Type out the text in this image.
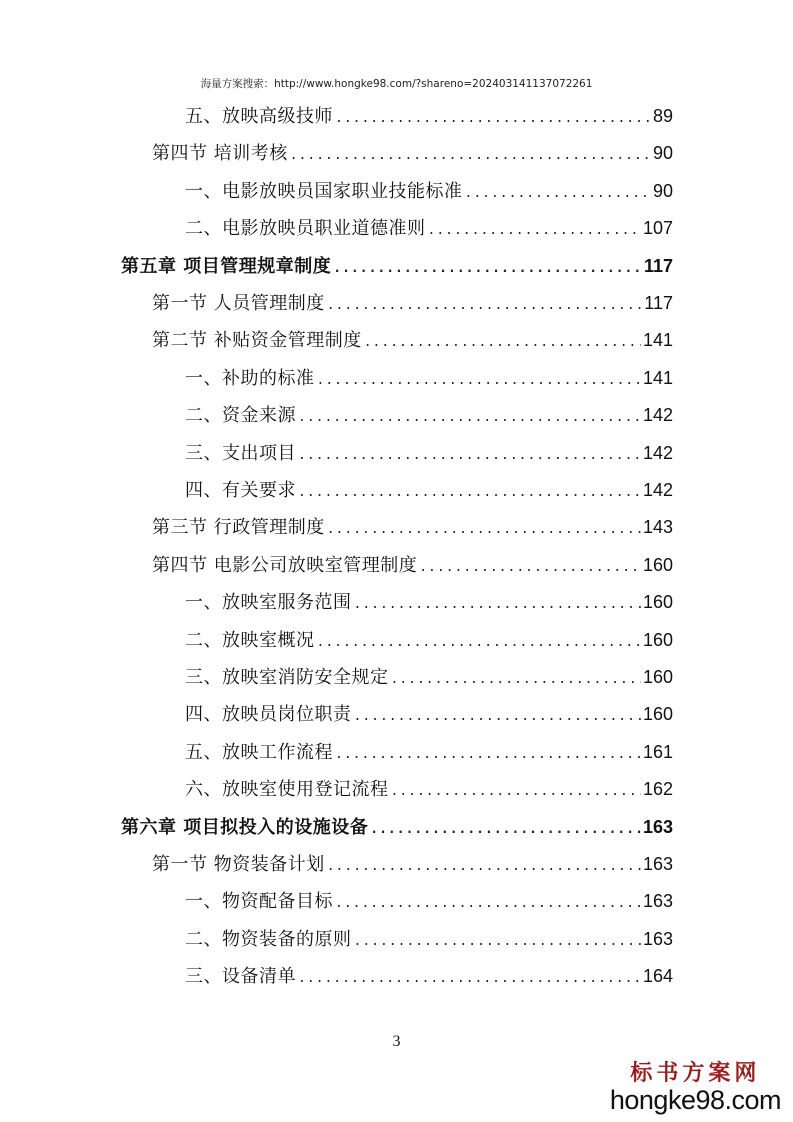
海量方案搜索：http://www.hongke98.com/?shareno=202403141137072261
五、放映高级技师 .....	89
第四节 培训考核 .....	90
一、电影放映员国家职业技能标准 .....	90
二、电影放映员职业道德准则 .....	107
第五章 项目管理规章制度 .....	117
第一节 人员管理制度 .....	117
第二节 补贴资金管理制度 .....	141
一、补助的标准 .....	141
二、资金来源 .....	142
三、支出项目 .....	142
四、有关要求 .....	142
第三节 行政管理制度 .....	143
第四节 电影公司放映室管理制度 .....	160
一、放映室服务范围 .....	160
二、放映室概况 .....	160
三、放映室消防安全规定 .....	160
四、放映员岗位职责 .....	160
五、放映工作流程 .....	161
六、放映室使用登记流程 .....	162
第六章 项目拟投入的设施设备 .....	163
第一节 物资装备计划 .....	163
一、物资配备目标 .....	163
二、物资装备的原则 .....	163
三、设备清单 .....	164
3
标书方案网
hongke98.com
